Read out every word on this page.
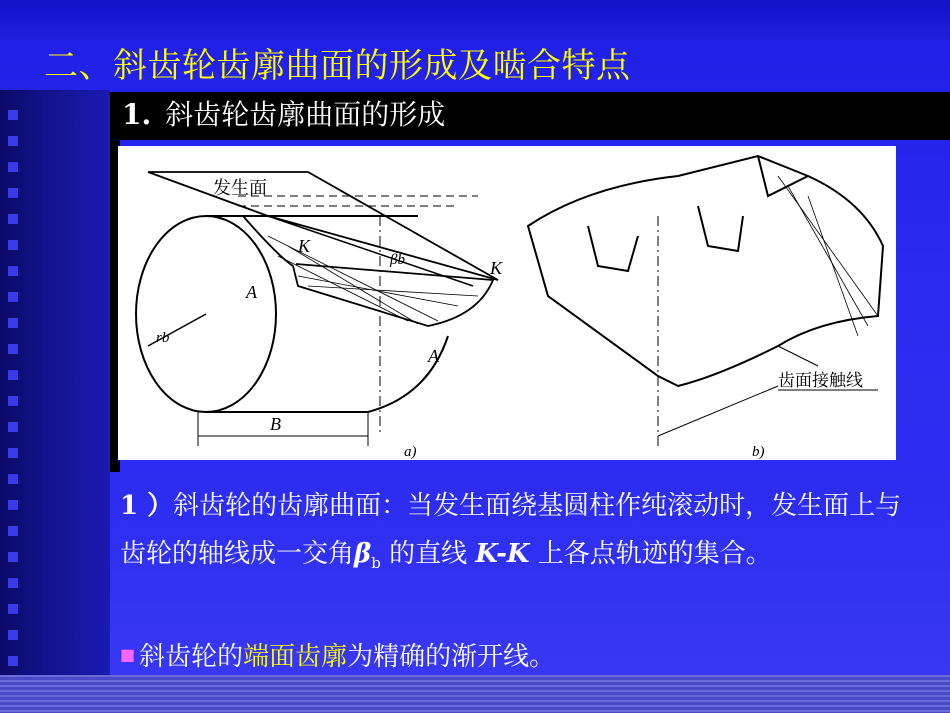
二、斜齿轮齿廓曲面的形成及啮合特点
1. 斜齿轮齿廓曲面的形成
发生面
K
K
A
A
βb
rb
B
a)	b)
齿面接触线
1 ）斜齿轮的齿廓曲面：当发生面绕基圆柱作纯滚动时，发生面上与齿轮的轴线成一交角$\beta_b$ 的直线 K-K 上各点轨迹的集合。
■ 斜齿轮的端面齿廓为精确的渐开线。
